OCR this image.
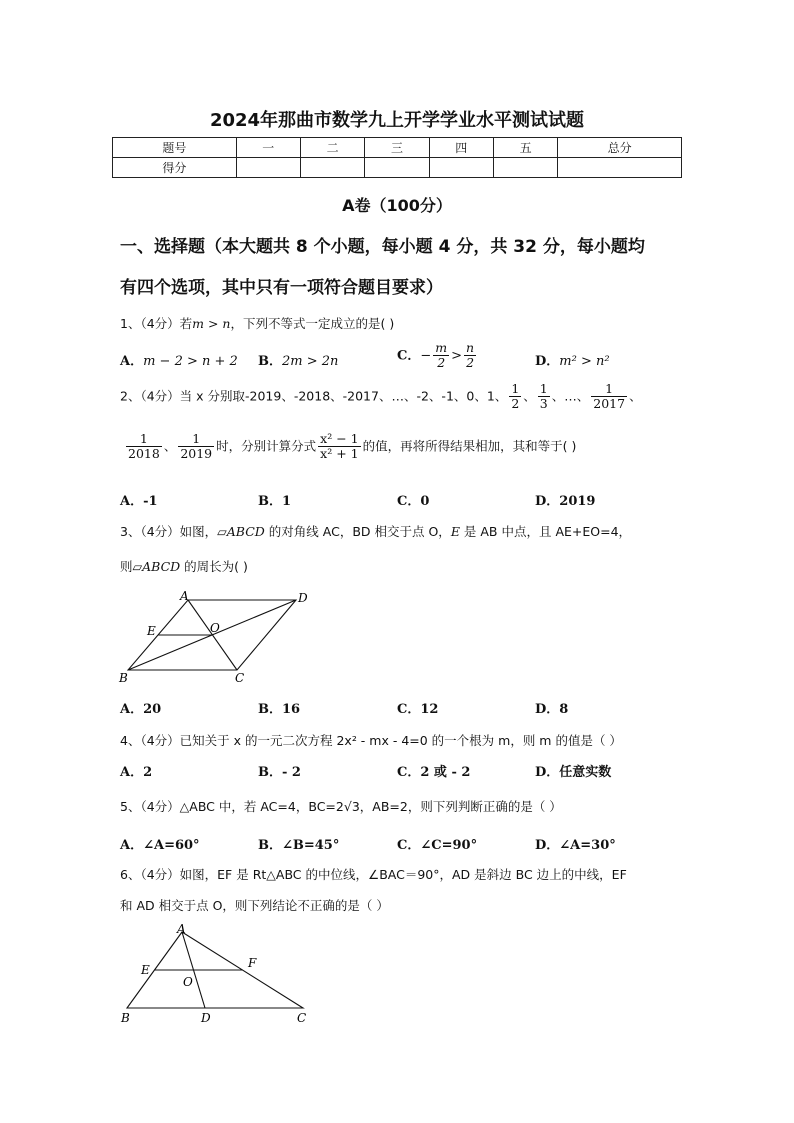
2024年那曲市数学九上开学学业水平测试试题
题号	一	二	三	四	五	总分
得分						
A卷（100分）
一、选择题（本大题共 8 个小题，每小题 4 分，共 32 分，每小题均
有四个选项，其中只有一项符合题目要求）
1、（4分）若m > n，下列不等式一定成立的是( )
A．m − 2 > n + 2 B．2m > 2n	C．− $\frac{m}{2} > \frac{n}{2}$	D．m² > n²
2、（4分）当 x 分别取-2019、-2018、-2017、…、-2、-1、0、1、 $\frac{1}{2}$ 、 $\frac{1}{3}$ 、…、 $\frac{1}{2017}$ 、
$\frac{1}{2018}$ 、 $\frac{1}{2019}$ 时，分别计算分式 $\frac{\text{x² − 1}}{\text{x² + 1}}$ 的值，再将所得结果相加，其和等于( )
A．-1	B．1	C．0	D．2019
3、（4分）如图，▱ABCD 的对角线 AC，BD 相交于点 O，E 是 AB 中点，且 AE+EO=4，
则▱ABCD 的周长为( )
A	D
E	O
B	C
A．20	B．16	C．12	D．8
4、（4分）已知关于 x 的一元二次方程 2x² - mx - 4=0 的一个根为 m，则 m 的值是（ ）
A．2	B．- 2	C．2 或 - 2	D．任意实数
5、（4分）△ABC 中，若 AC=4，BC=2√3，AB=2，则下列判断正确的是（ ）
A．∠A=60°	B．∠B=45°	C．∠C=90°	D．∠A=30°
6、（4分）如图，EF 是 Rt△ABC 的中位线，∠BAC＝90°，AD 是斜边 BC 边上的中线，EF
和 AD 相交于点 O，则下列结论不正确的是（ ）
A
E	F
O
B	D	C
